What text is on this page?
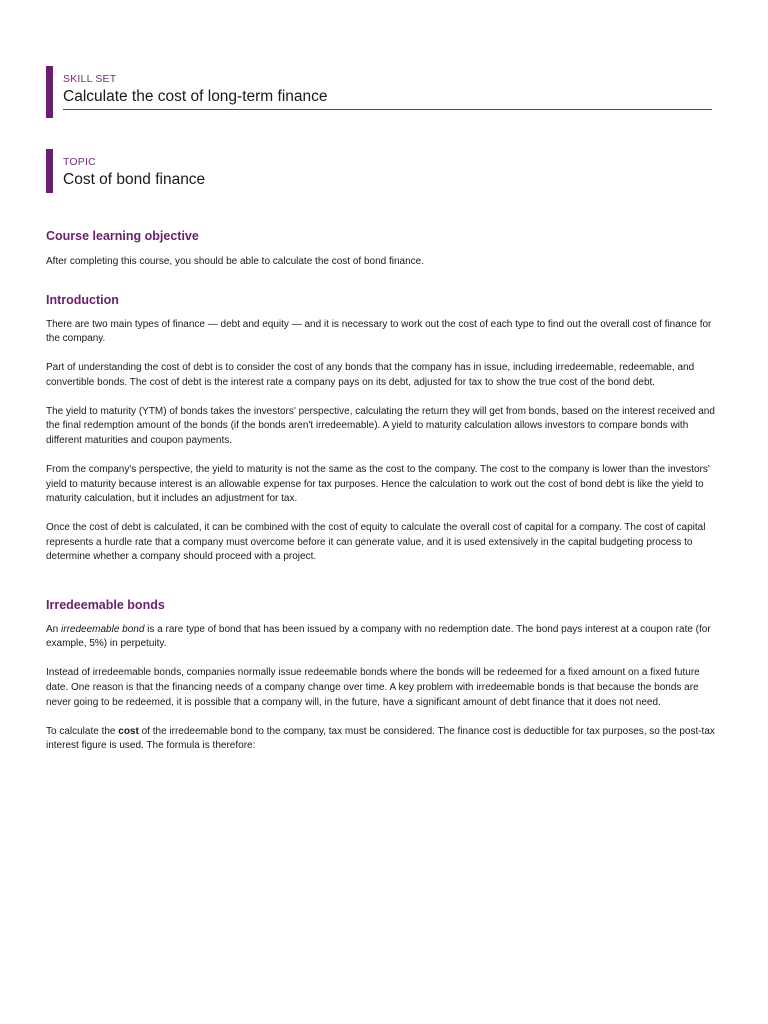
SKILL SET
Calculate the cost of long-term finance
TOPIC
Cost of bond finance
Course learning objective

After completing this course, you should be able to calculate the cost of bond finance.

Introduction

There are two main types of finance — debt and equity — and it is necessary to work out the cost of each type to find out the overall cost of finance for the company.

Part of understanding the cost of debt is to consider the cost of any bonds that the company has in issue, including irredeemable, redeemable, and convertible bonds. The cost of debt is the interest rate a company pays on its debt, adjusted for tax to show the true cost of the bond debt.

The yield to maturity (YTM) of bonds takes the investors' perspective, calculating the return they will get from bonds, based on the interest received and the final redemption amount of the bonds (if the bonds aren't irredeemable). A yield to maturity calculation allows investors to compare bonds with different maturities and coupon payments.

From the company's perspective, the yield to maturity is not the same as the cost to the company. The cost to the company is lower than the investors' yield to maturity because interest is an allowable expense for tax purposes. Hence the calculation to work out the cost of bond debt is like the yield to maturity calculation, but it includes an adjustment for tax.

Once the cost of debt is calculated, it can be combined with the cost of equity to calculate the overall cost of capital for a company. The cost of capital represents a hurdle rate that a company must overcome before it can generate value, and it is used extensively in the capital budgeting process to determine whether a company should proceed with a project.

Irredeemable bonds

An irredeemable bond is a rare type of bond that has been issued by a company with no redemption date. The bond pays interest at a coupon rate (for example, 5%) in perpetuity.

Instead of irredeemable bonds, companies normally issue redeemable bonds where the bonds will be redeemed for a fixed amount on a fixed future date. One reason is that the financing needs of a company change over time. A key problem with irredeemable bonds is that because the bonds are never going to be redeemed, it is possible that a company will, in the future, have a significant amount of debt finance that it does not need.

To calculate the cost of the irredeemable bond to the company, tax must be considered. The finance cost is deductible for tax purposes, so the post-tax interest figure is used. The formula is therefore:
